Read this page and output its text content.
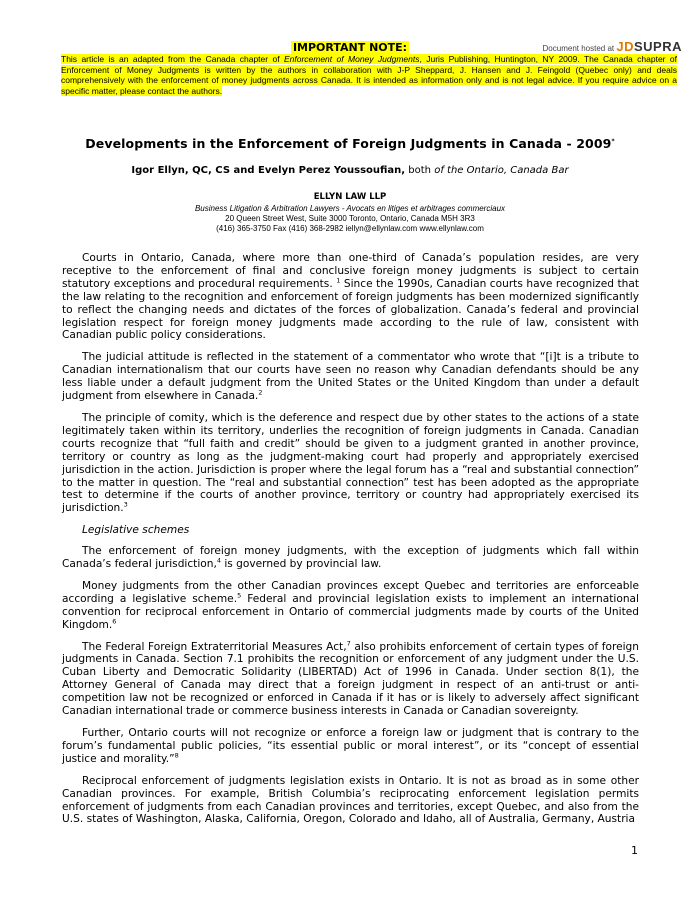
IMPORTANT NOTE:	Document hosted at JDSUPRA
This article is an adapted from the Canada chapter of Enforcement of Money Judgments, Juris Publishing, Huntington, NY 2009. The Canada chapter of Enforcement of Money Judgments is written by the authors in collaboration with J-P Sheppard, J. Hansen and J. Feingold (Quebec only) and deals comprehensively with the enforcement of money judgments across Canada. It is intended as information only and is not legal advice. If you require advice on a specific matter, please contact the authors.
Developments in the Enforcement of Foreign Judgments in Canada - 2009*
Igor Ellyn, QC, CS and Evelyn Perez Youssoufian, both of the Ontario, Canada Bar
ELLYN LAW LLP
Business Litigation & Arbitration Lawyers - Avocats en litiges et arbitrages commerciaux
20 Queen Street West, Suite 3000 Toronto, Ontario, Canada M5H 3R3
(416) 365-3750 Fax (416) 368-2982 iellyn@ellynlaw.com www.ellynlaw.com

Courts in Ontario, Canada, where more than one-third of Canada’s population resides, are very receptive to the enforcement of final and conclusive foreign money judgments is subject to certain statutory exceptions and procedural requirements. $^1$ Since the 1990s, Canadian courts have recognized that the law relating to the recognition and enforcement of foreign judgments has been modernized significantly to reflect the changing needs and dictates of the forces of globalization. Canada’s federal and provincial legislation respect for foreign money judgments made according to the rule of law, consistent with Canadian public policy considerations.

The judicial attitude is reflected in the statement of a commentator who wrote that “[i]t is a tribute to Canadian internationalism that our courts have seen no reason why Canadian defendants should be any less liable under a default judgment from the United States or the United Kingdom than under a default judgment from elsewhere in Canada.$^2$

The principle of comity, which is the deference and respect due by other states to the actions of a state legitimately taken within its territory, underlies the recognition of foreign judgments in Canada. Canadian courts recognize that “full faith and credit” should be given to a judgment granted in another province, territory or country as long as the judgment-making court had properly and appropriately exercised jurisdiction in the action. Jurisdiction is proper where the legal forum has a “real and substantial connection” to the matter in question. The “real and substantial connection” test has been adopted as the appropriate test to determine if the courts of another province, territory or country had appropriately exercised its jurisdiction.$^3$

Legislative schemes

The enforcement of foreign money judgments, with the exception of judgments which fall within Canada’s federal jurisdiction,$^4$ is governed by provincial law.

Money judgments from the other Canadian provinces except Quebec and territories are enforceable according a legislative scheme.$^5$ Federal and provincial legislation exists to implement an international convention for reciprocal enforcement in Ontario of commercial judgments made by courts of the United Kingdom.$^6$

The Federal Foreign Extraterritorial Measures Act,$^7$ also prohibits enforcement of certain types of foreign judgments in Canada. Section 7.1 prohibits the recognition or enforcement of any judgment under the U.S. Cuban Liberty and Democratic Solidarity (LIBERTAD) Act of 1996 in Canada. Under section 8(1), the Attorney General of Canada may direct that a foreign judgment in respect of an anti-trust or anti-competition law not be recognized or enforced in Canada if it has or is likely to adversely affect significant Canadian international trade or commerce business interests in Canada or Canadian sovereignty.

Further, Ontario courts will not recognize or enforce a foreign law or judgment that is contrary to the forum’s fundamental public policies, “its essential public or moral interest”, or its “concept of essential justice and morality.”$^8$

Reciprocal enforcement of judgments legislation exists in Ontario. It is not as broad as in some other Canadian provinces. For example, British Columbia’s reciprocating enforcement legislation permits enforcement of judgments from each Canadian provinces and territories, except Quebec, and also from the U.S. states of Washington, Alaska, California, Oregon, Colorado and Idaho, all of Australia, Germany, Austria

1
